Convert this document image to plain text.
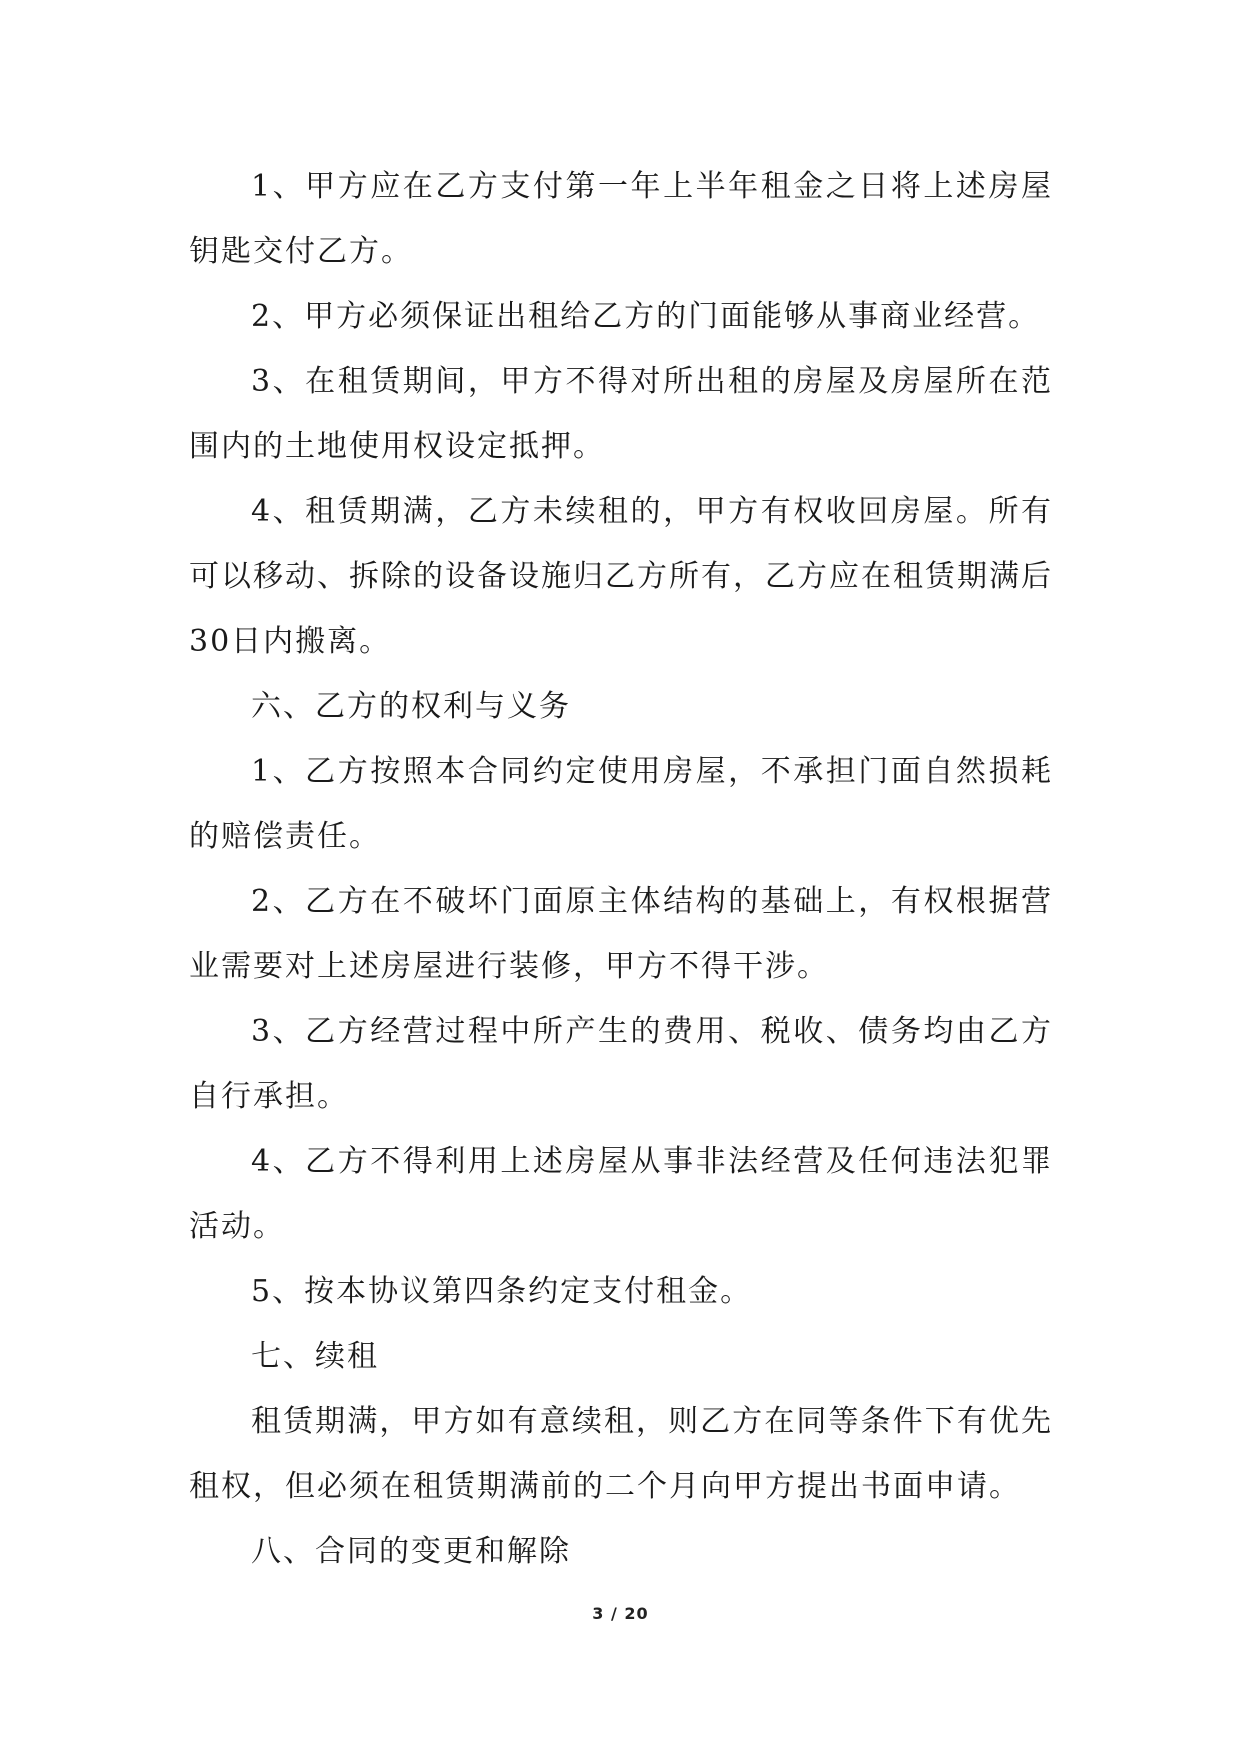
1、甲方应在乙方支付第一年上半年租金之日将上述房屋钥匙交付乙方。

2、甲方必须保证出租给乙方的门面能够从事商业经营。

3、在租赁期间，甲方不得对所出租的房屋及房屋所在范围内的土地使用权设定抵押。

4、租赁期满，乙方未续租的，甲方有权收回房屋。所有可以移动、拆除的设备设施归乙方所有，乙方应在租赁期满后 30日内搬离。

六、乙方的权利与义务

1、乙方按照本合同约定使用房屋，不承担门面自然损耗的赔偿责任。

2、乙方在不破坏门面原主体结构的基础上，有权根据营业需要对上述房屋进行装修，甲方不得干涉。

3、乙方经营过程中所产生的费用、税收、债务均由乙方自行承担。

4、乙方不得利用上述房屋从事非法经营及任何违法犯罪活动。

5、按本协议第四条约定支付租金。

七、续租

租赁期满，甲方如有意续租，则乙方在同等条件下有优先租权，但必须在租赁期满前的二个月向甲方提出书面申请。

八、合同的变更和解除

3 / 20
